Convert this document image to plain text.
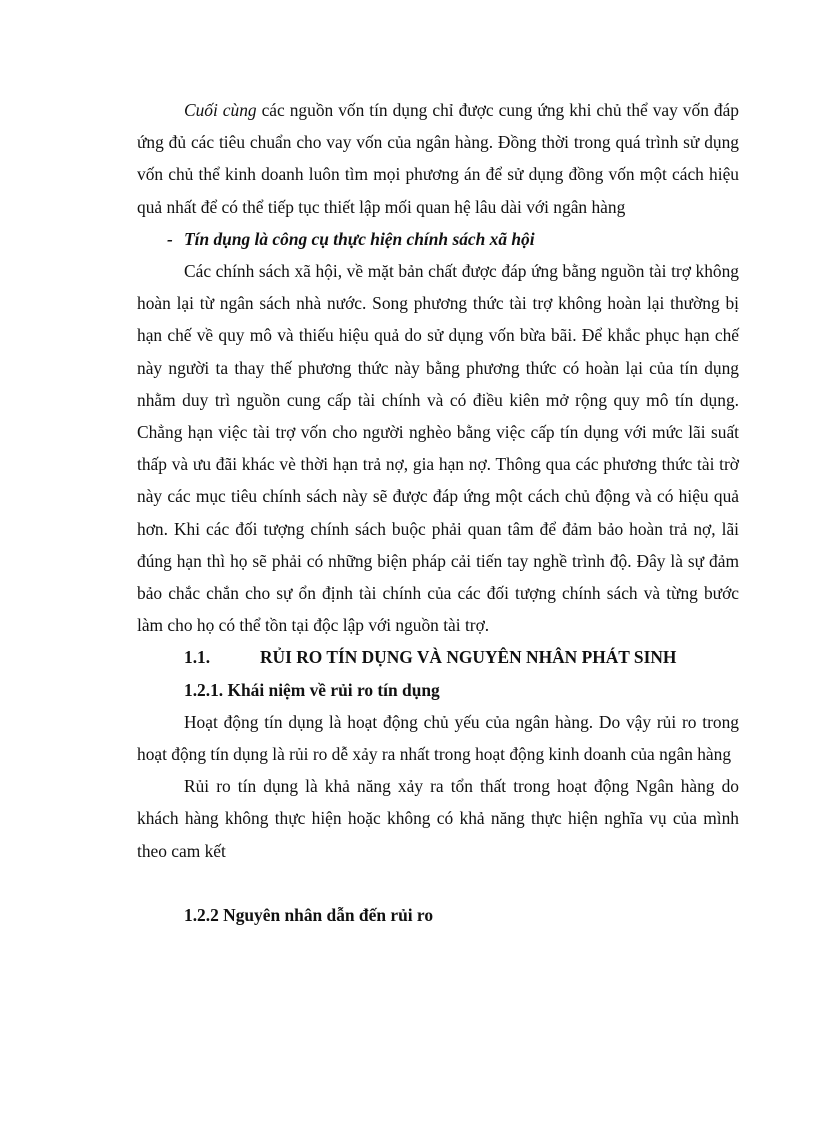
Cuối cùng các nguồn vốn tín dụng chỉ được cung ứng khi chủ thể vay vốn đáp ứng đủ các tiêu chuẩn cho vay vốn của ngân hàng. Đồng thời trong quá trình sử dụng vốn chủ thể kinh doanh luôn tìm mọi phương án để sử dụng đồng vốn một cách hiệu quả nhất để có thể tiếp tục thiết lập mối quan hệ lâu dài với ngân hàng

- Tín dụng là công cụ thực hiện chính sách xã hội

Các chính sách xã hội, về mặt bản chất được đáp ứng bằng nguồn tài trợ không hoàn lại từ ngân sách nhà nước. Song phương thức tài trợ không hoàn lại thường bị hạn chế về quy mô và thiếu hiệu quả do sử dụng vốn bừa bãi. Để khắc phục hạn chế này người ta thay thế phương thức này bằng phương thức có hoàn lại của tín dụng nhằm duy trì nguồn cung cấp tài chính và có điều kiên mở rộng quy mô tín dụng. Chẳng hạn việc tài trợ vốn cho người nghèo bằng việc cấp tín dụng với mức lãi suất thấp và ưu đãi khác vè thời hạn trả nợ, gia hạn nợ. Thông qua các phương thức tài trờ này các mục tiêu chính sách này sẽ được đáp ứng một cách chủ động và có hiệu quả hơn. Khi các đối tượng chính sách buộc phải quan tâm để đảm bảo hoàn trả nợ, lãi đúng hạn thì họ sẽ phải có những biện pháp cải tiến tay nghề trình độ. Đây là sự đảm bảo chắc chắn cho sự ổn định tài chính của các đối tượng chính sách và từng bước làm cho họ có thể tồn tại độc lập với nguồn tài trợ.

1.1.	RỦI RO TÍN DỤNG VÀ NGUYÊN NHÂN PHÁT SINH

1.2.1. Khái niệm về rủi ro tín dụng

Hoạt động tín dụng là hoạt động chủ yếu của ngân hàng. Do vậy rủi ro trong hoạt động tín dụng là rủi ro dễ xảy ra nhất trong hoạt động kinh doanh của ngân hàng

Rủi ro tín dụng là khả năng xảy ra tổn thất trong hoạt động Ngân hàng do khách hàng không thực hiện hoặc không có khả năng thực hiện nghĩa vụ của mình theo cam kết

1.2.2 Nguyên nhân dẫn đến rủi ro
